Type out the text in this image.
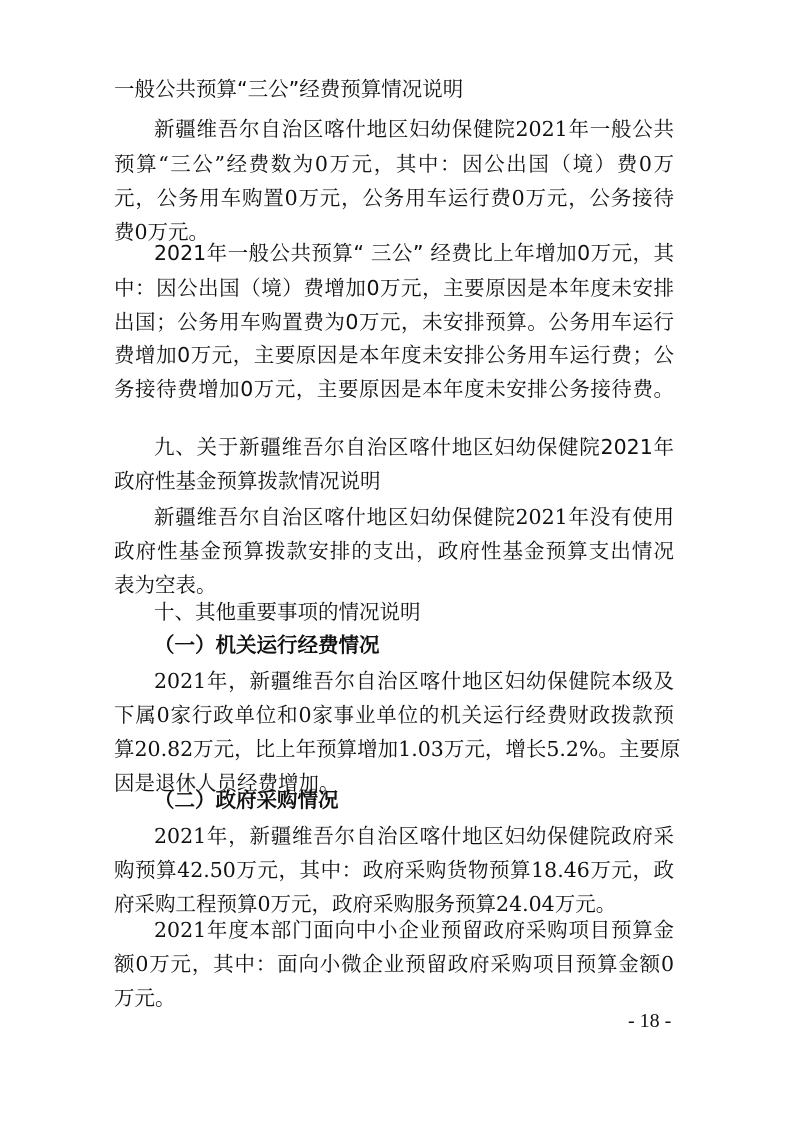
一般公共预算“三公”经费预算情况说明
新疆维吾尔自治区喀什地区妇幼保健院2021年一般公共
预算“三公”经费数为0万元，其中：因公出国（境）费0万
元，公务用车购置0万元，公务用车运行费0万元，公务接待
费0万元。
2021年一般公共预算“ 三公” 经费比上年增加0万元，其
中：因公出国（境）费增加0万元，主要原因是本年度未安排
出国；公务用车购置费为0万元，未安排预算。公务用车运行
费增加0万元，主要原因是本年度未安排公务用车运行费；公
务接待费增加0万元，主要原因是本年度未安排公务接待费。
九、关于新疆维吾尔自治区喀什地区妇幼保健院2021年
政府性基金预算拨款情况说明
新疆维吾尔自治区喀什地区妇幼保健院2021年没有使用
政府性基金预算拨款安排的支出，政府性基金预算支出情况
表为空表。
十、其他重要事项的情况说明
（一）机关运行经费情况
2021年，新疆维吾尔自治区喀什地区妇幼保健院本级及
下属0家行政单位和0家事业单位的机关运行经费财政拨款预
算20.82万元，比上年预算增加1.03万元，增长5.2%。主要原
因是退休人员经费增加。
（二）政府采购情况
2021年，新疆维吾尔自治区喀什地区妇幼保健院政府采
购预算42.50万元，其中：政府采购货物预算18.46万元，政
府采购工程预算0万元，政府采购服务预算24.04万元。
2021年度本部门面向中小企业预留政府采购项目预算金
额0万元，其中：面向小微企业预留政府采购项目预算金额0
万元。
- 18 -
